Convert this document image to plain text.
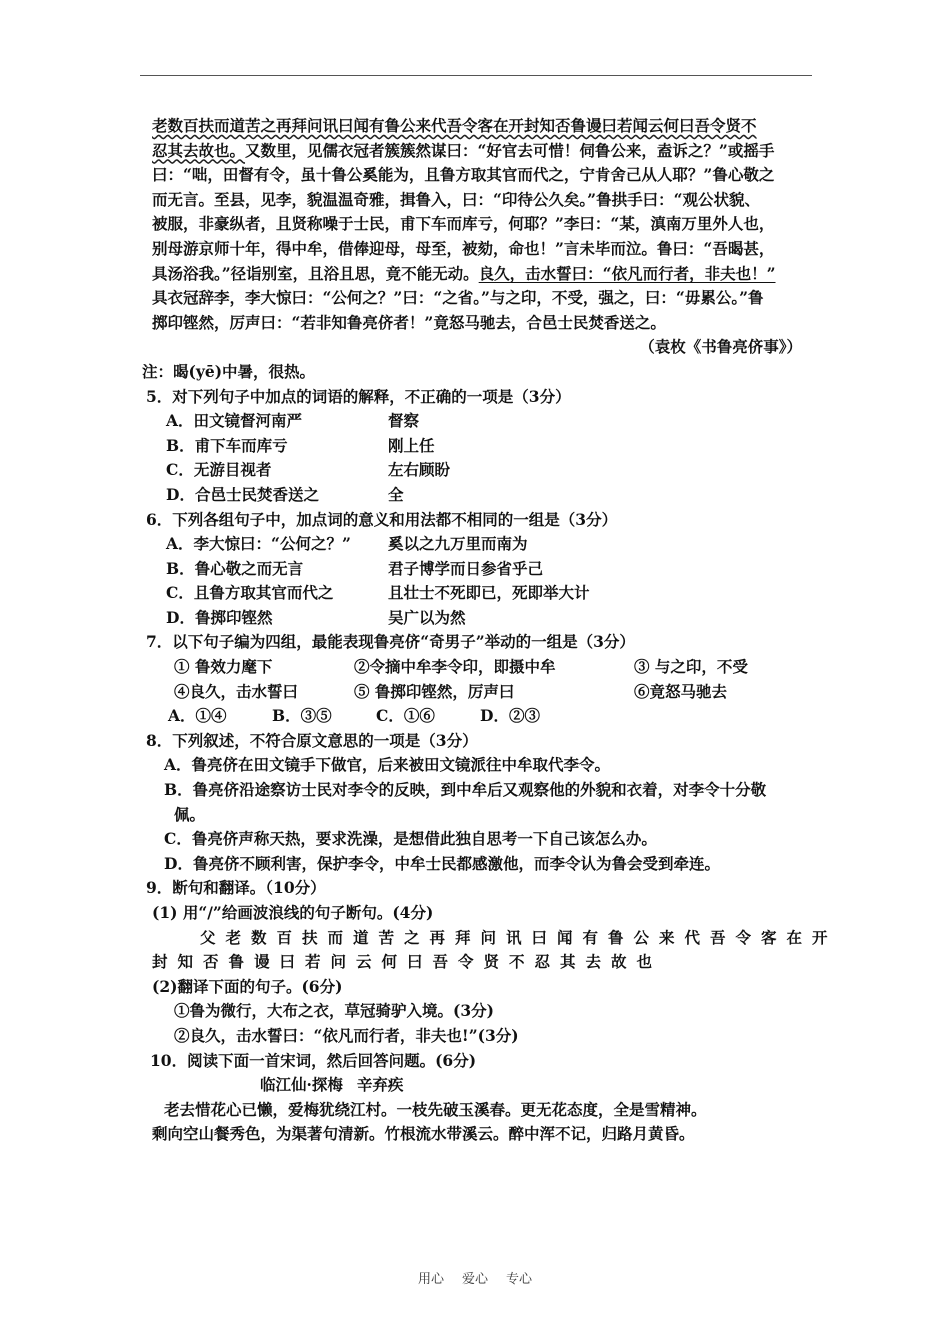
老数百扶而道苦之再拜问讯曰闻有鲁公来代吾令客在开封知否鲁谩曰若闻云何曰吾令贤不
忍其去故也。又数里，见儒衣冠者簇簇然谋曰：“好官去可惜！伺鲁公来，盍诉之？”或摇手
曰：“咄，田督有令，虽十鲁公奚能为，且鲁方取其官而代之，宁肯舍己从人耶？”鲁心敬之
而无言。至县，见李，貌温温奇雅，揖鲁入，曰：“印待公久矣。”鲁拱手曰：“观公状貌、
被服，非豪纵者，且贤称噪于士民，甫下车而库亏，何耶？”李曰：“某，滇南万里外人也，
别母游京师十年，得中牟，借俸迎母，母至，被劾，命也！”言未毕而泣。鲁曰：“吾暍甚，
具汤浴我。”径诣别室，且浴且思，竟不能无动。良久，击水誓曰：“依凡而行者，非夫也！”
具衣冠辞李，李大惊曰：“公何之？”曰：“之省。”与之印，不受，强之，曰：“毋累公。”鲁
掷印铿然，厉声曰：“若非知鲁亮侪者！”竟怒马驰去，合邑士民焚香送之。
（袁枚《书鲁亮侪事》）
注：暍(yē)中暑，很热。
5．对下列句子中加点的词语的解释，不正确的一项是（3分）
A．田文镜督河南严	督察
B．甫下车而库亏	刚上任
C．无游目视者	左右顾盼
D．合邑士民焚香送之	全
6．下列各组句子中，加点词的意义和用法都不相同的一组是（3分）
A．李大惊曰：“公何之？” 奚以之九万里而南为
B．鲁心敬之而无言	君子博学而日参省乎己
C．且鲁方取其官而代之	且壮士不死即已，死即举大计
D．鲁掷印铿然	吴广以为然
7．以下句子编为四组，最能表现鲁亮侪“奇男子”举动的一组是（3分）
① 鲁效力麾下	②令摘中牟李令印，即摄中牟	③ 与之印，不受
④良久，击水誓曰	⑤ 鲁掷印铿然，厉声曰	⑥竟怒马驰去
A．①④	B．③⑤	C．①⑥	D．②③
8．下列叙述，不符合原文意思的一项是（3分）
A．鲁亮侪在田文镜手下做官，后来被田文镜派往中牟取代李令。
B．鲁亮侪沿途察访士民对李令的反映，到中牟后又观察他的外貌和衣着，对李令十分敬
佩。
C．鲁亮侪声称天热，要求洗澡，是想借此独自思考一下自己该怎么办。
D．鲁亮侪不顾利害，保护李令，中牟士民都感激他，而李令认为鲁会受到牵连。
9．断句和翻译。（10分）
(1) 用“/”给画波浪线的句子断句。(4分)
父老数百扶而道苦之再拜问讯曰闻有鲁公来代吾令客在开
封知否鲁谩曰若问云何曰吾令贤不忍其去故也
(2)翻译下面的句子。(6分)
①鲁为微行，大布之衣，草冠骑驴入境。(3分)
②良久，击水誓曰：“依凡而行者，非夫也!”(3分)
10．阅读下面一首宋词，然后回答问题。(6分)
临江仙·探梅 辛弃疾
老去惜花心已懒，爱梅犹绕江村。一枝先破玉溪春。更无花态度，全是雪精神。
剩向空山餐秀色，为渠著句清新。竹根流水带溪云。醉中浑不记，归路月黄昏。
用心 爱心 专心
